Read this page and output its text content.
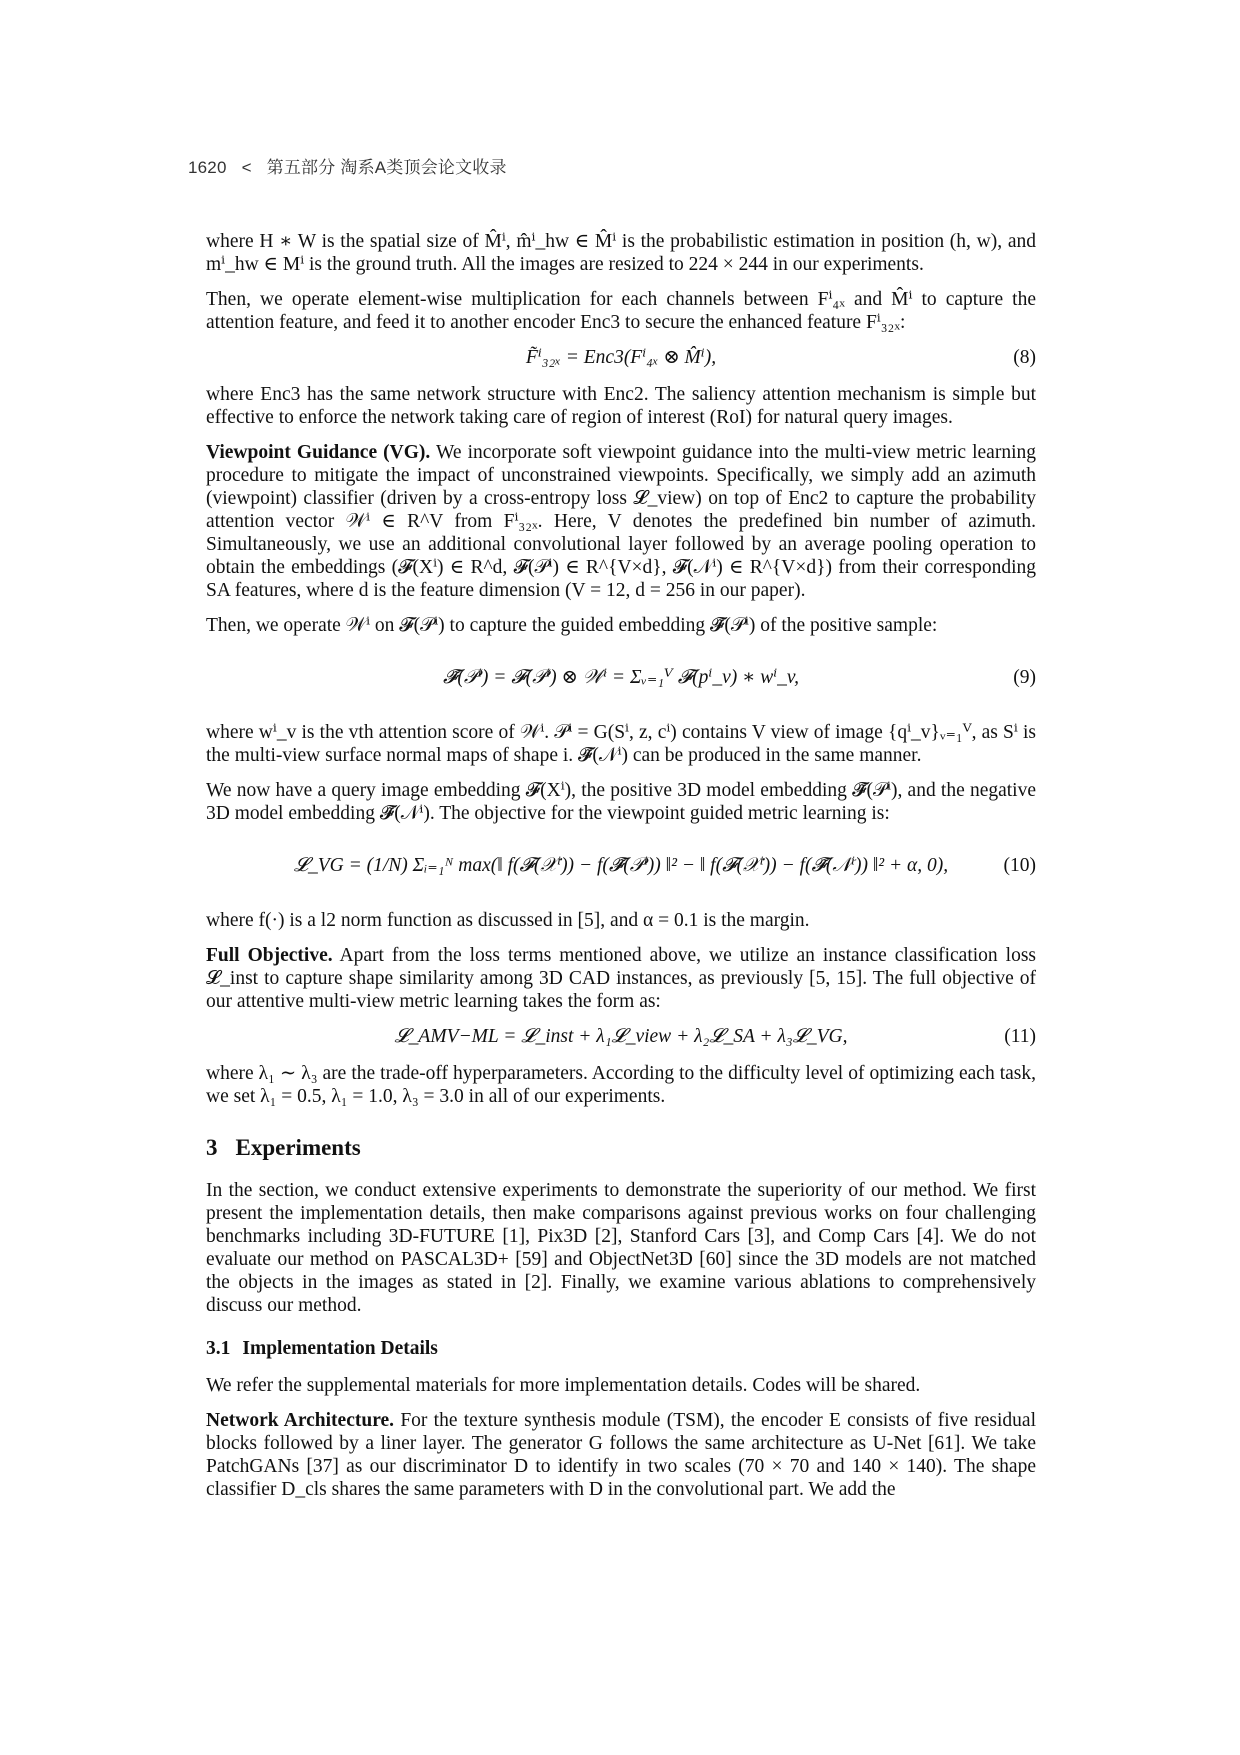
1620 < 第五部分 淘系A类顶会论文收录

where H ∗ W is the spatial size of M̂ⁱ, m̂ⁱ_hw ∈ M̂ⁱ is the probabilistic estimation in position (h, w), and mⁱ_hw ∈ Mⁱ is the ground truth. All the images are resized to 224 × 244 in our experiments.

Then, we operate element-wise multiplication for each channels between Fⁱ₄ₓ and M̂ⁱ to capture the attention feature, and feed it to another encoder Enc3 to secure the enhanced feature Fⁱ₃₂ₓ:

F̃ⁱ₃₂ₓ = Enc3(Fⁱ₄ₓ ⊗ M̂ⁱ),	(8)

where Enc3 has the same network structure with Enc2. The saliency attention mechanism is simple but effective to enforce the network taking care of region of interest (RoI) for natural query images.

Viewpoint Guidance (VG). We incorporate soft viewpoint guidance into the multi-view metric learning procedure to mitigate the impact of unconstrained viewpoints. Specifically, we simply add an azimuth (viewpoint) classifier (driven by a cross-entropy loss 𝓛_view) on top of Enc2 to capture the probability attention vector 𝒲ⁱ ∈ R^V from Fⁱ₃₂ₓ. Here, V denotes the predefined bin number of azimuth. Simultaneously, we use an additional convolutional layer followed by an average pooling operation to obtain the embeddings (𝓕(Xⁱ) ∈ R^d, 𝓕(𝒫ⁱ) ∈ R^{V×d}, 𝓕(𝒩ⁱ) ∈ R^{V×d}) from their corresponding SA features, where d is the feature dimension (V = 12, d = 256 in our paper).

Then, we operate 𝒲ⁱ on 𝓕(𝒫ⁱ) to capture the guided embedding 𝓕̃(𝒫ⁱ) of the positive sample:

𝓕̃(𝒫ⁱ) = 𝓕(𝒫ⁱ) ⊗ 𝒲ⁱ = Σᵥ₌₁ⱽ 𝓕(pⁱ_v) ∗ wⁱ_v,	(9)

where wⁱ_v is the vth attention score of 𝒲ⁱ. 𝒫ⁱ = G(Sⁱ, z, cⁱ) contains V view of image {qⁱ_v}ᵥ₌₁ⱽ, as Sⁱ is the multi-view surface normal maps of shape i. 𝓕̃(𝒩ⁱ) can be produced in the same manner.

We now have a query image embedding 𝓕(Xⁱ), the positive 3D model embedding 𝓕̃(𝒫ⁱ), and the negative 3D model embedding 𝓕̃(𝒩ⁱ). The objective for the viewpoint guided metric learning is:

𝓛_VG = (1/N) Σᵢ₌₁ᴺ max(‖ f(𝓕(𝒳ⁱ)) − f(𝓕̃(𝒫ⁱ)) ‖² − ‖ f(𝓕(𝒳ⁱ)) − f(𝓕̃(𝒩ⁱ)) ‖² + α, 0),	(10)

where f(·) is a l2 norm function as discussed in [5], and α = 0.1 is the margin.

Full Objective. Apart from the loss terms mentioned above, we utilize an instance classification loss 𝓛_inst to capture shape similarity among 3D CAD instances, as previously [5, 15]. The full objective of our attentive multi-view metric learning takes the form as:

𝓛_AMV−ML = 𝓛_inst + λ₁𝓛_view + λ₂𝓛_SA + λ₃𝓛_VG,	(11)

where λ₁ ∼ λ₃ are the trade-off hyperparameters. According to the difficulty level of optimizing each task, we set λ₁ = 0.5, λ₁ = 1.0, λ₃ = 3.0 in all of our experiments.

3 Experiments

In the section, we conduct extensive experiments to demonstrate the superiority of our method. We first present the implementation details, then make comparisons against previous works on four challenging benchmarks including 3D-FUTURE [1], Pix3D [2], Stanford Cars [3], and Comp Cars [4]. We do not evaluate our method on PASCAL3D+ [59] and ObjectNet3D [60] since the 3D models are not matched the objects in the images as stated in [2]. Finally, we examine various ablations to comprehensively discuss our method.

3.1 Implementation Details

We refer the supplemental materials for more implementation details. Codes will be shared.

Network Architecture. For the texture synthesis module (TSM), the encoder E consists of five residual blocks followed by a liner layer. The generator G follows the same architecture as U-Net [61]. We take PatchGANs [37] as our discriminator D to identify in two scales (70 × 70 and 140 × 140). The shape classifier D_cls shares the same parameters with D in the convolutional part. We add the
